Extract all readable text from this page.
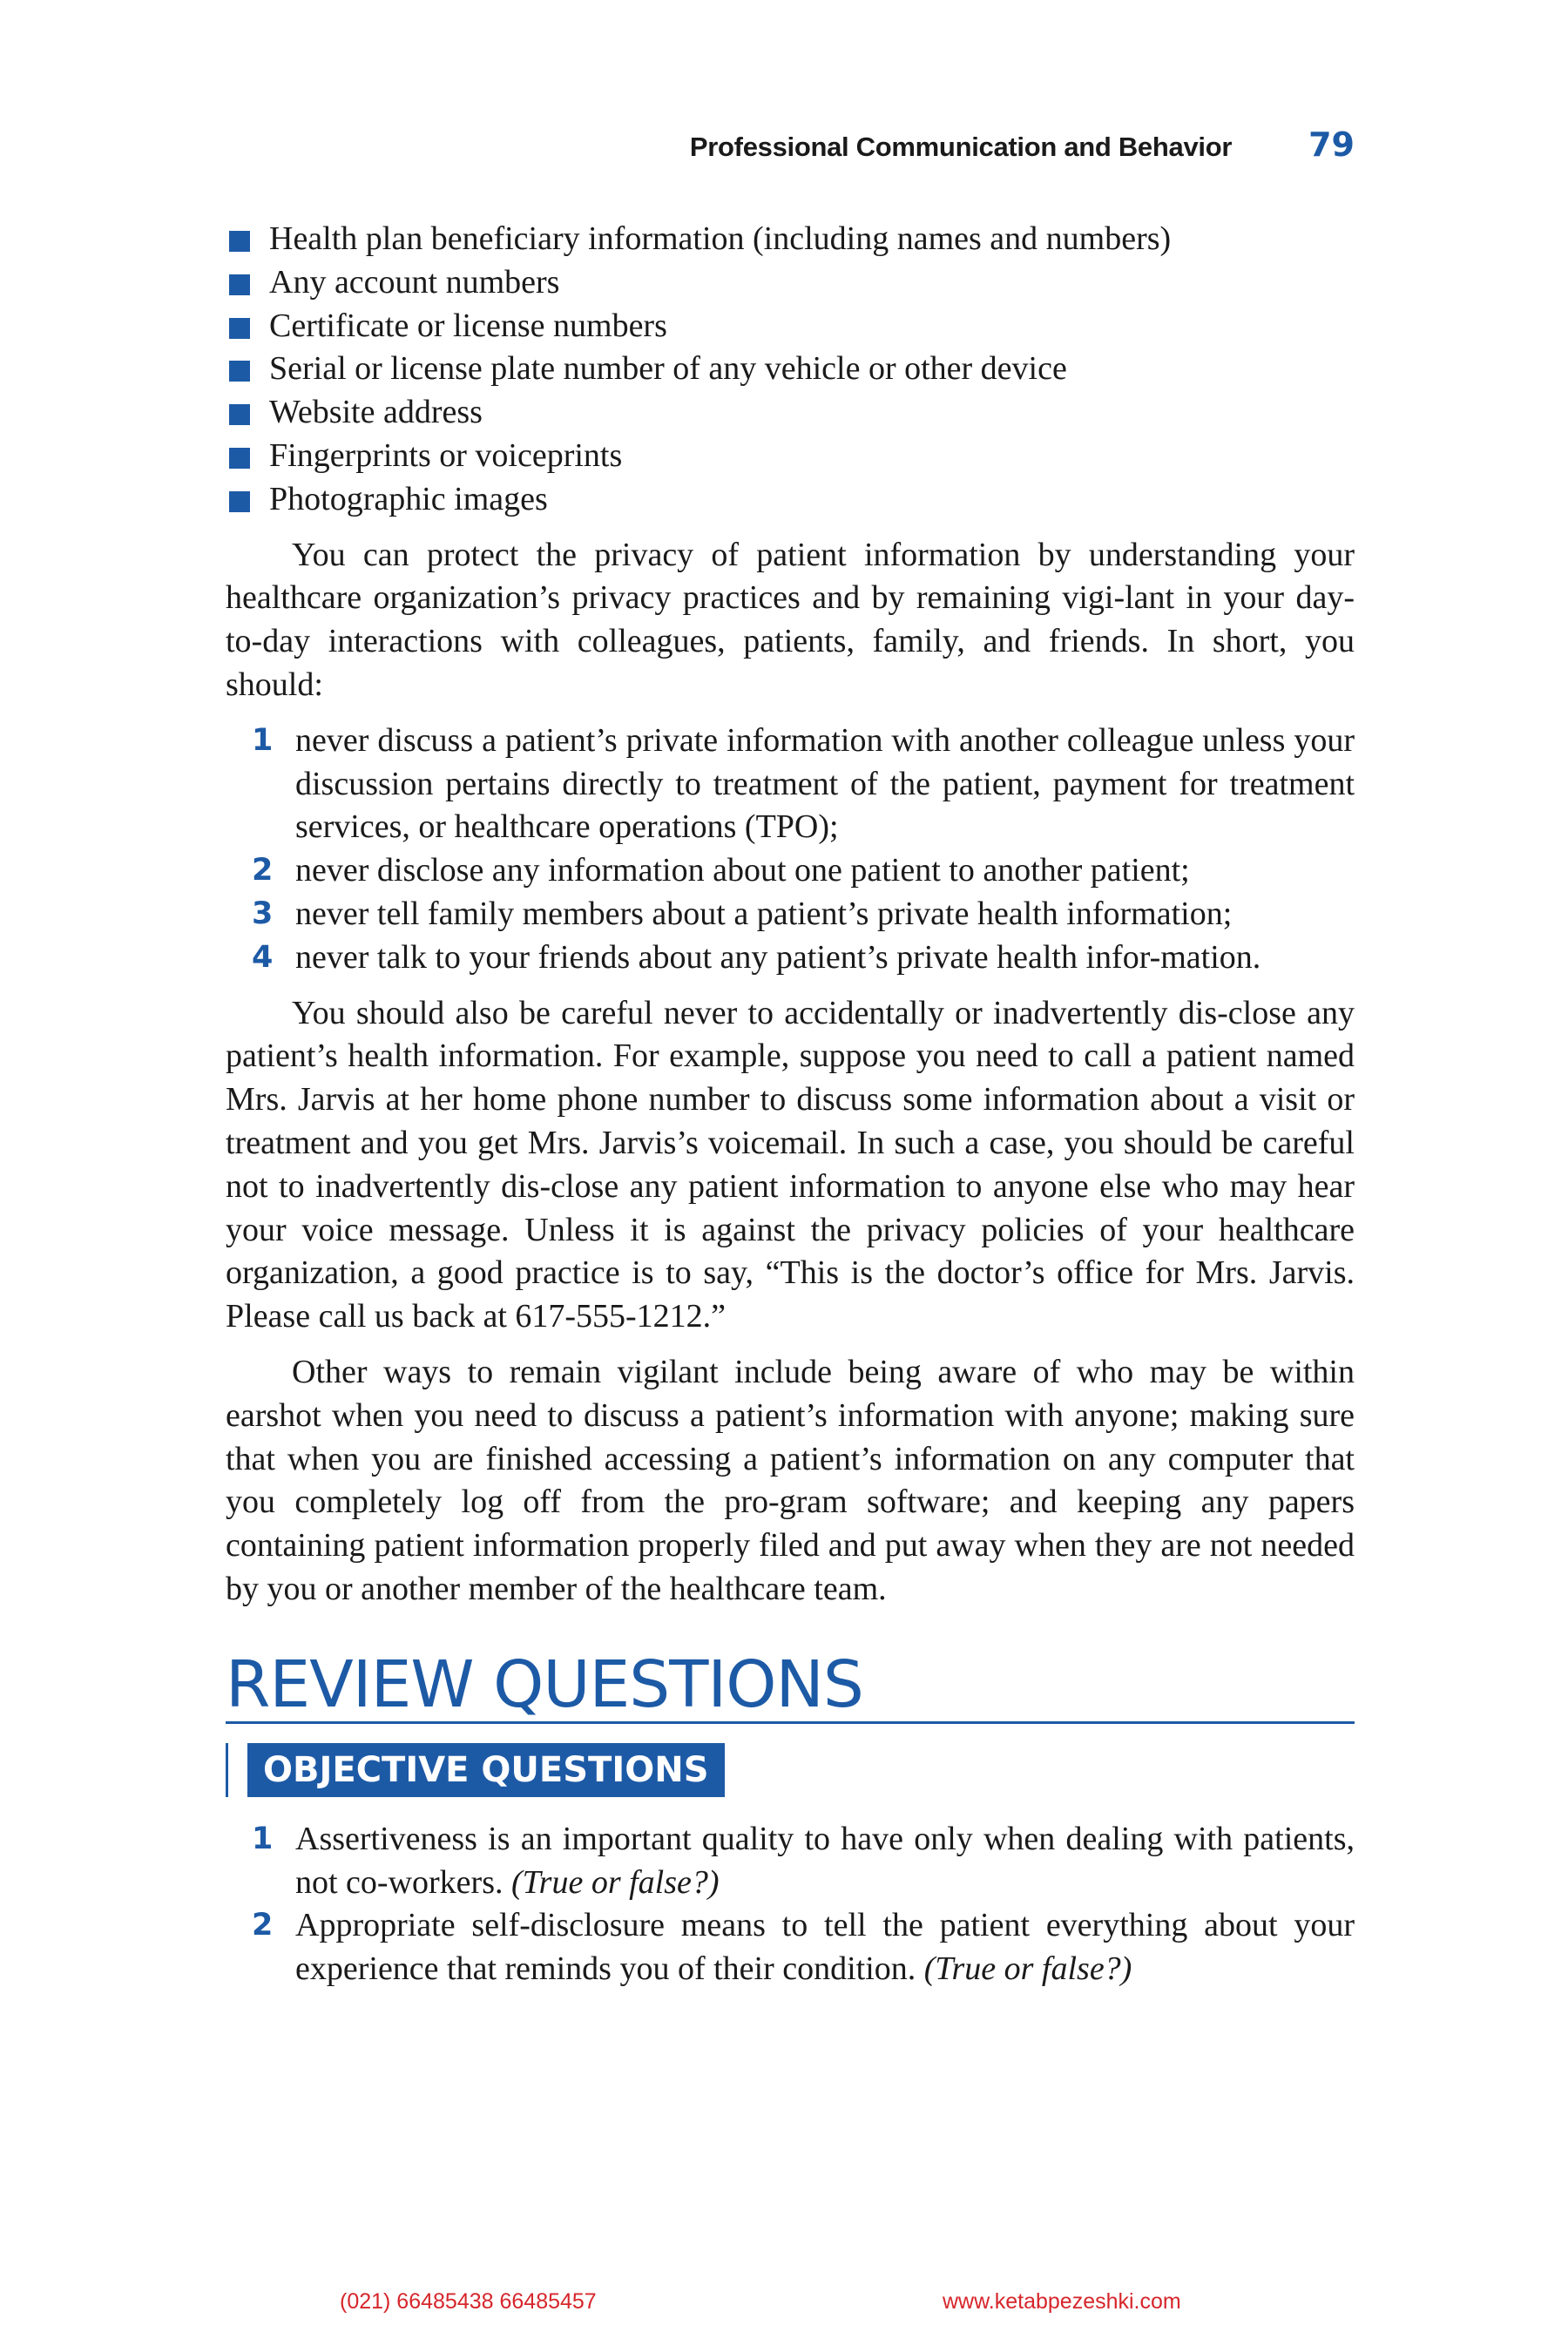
Professional Communication and Behavior 79
Health plan beneficiary information (including names and numbers)
Any account numbers
Certificate or license numbers
Serial or license plate number of any vehicle or other device
Website address
Fingerprints or voiceprints
Photographic images

You can protect the privacy of patient information by understanding your healthcare organization’s privacy practices and by remaining vigi-lant in your day-to-day interactions with colleagues, patients, family, and friends. In short, you should:

1 never discuss a patient’s private information with another colleague unless your discussion pertains directly to treatment of the patient, payment for treatment services, or healthcare operations (TPO);
2 never disclose any information about one patient to another patient;
3 never tell family members about a patient’s private health information;
4 never talk to your friends about any patient’s private health infor-mation.

You should also be careful never to accidentally or inadvertently dis-close any patient’s health information. For example, suppose you need to call a patient named Mrs. Jarvis at her home phone number to discuss some information about a visit or treatment and you get Mrs. Jarvis’s voicemail. In such a case, you should be careful not to inadvertently dis-close any patient information to anyone else who may hear your voice message. Unless it is against the privacy policies of your healthcare organization, a good practice is to say, “This is the doctor’s office for Mrs. Jarvis. Please call us back at 617-555-1212.”

Other ways to remain vigilant include being aware of who may be within earshot when you need to discuss a patient’s information with anyone; making sure that when you are finished accessing a patient’s information on any computer that you completely log off from the pro-gram software; and keeping any papers containing patient information properly filed and put away when they are not needed by you or another member of the healthcare team.

REVIEW QUESTIONS
OBJECTIVE QUESTIONS
1 Assertiveness is an important quality to have only when dealing with patients, not co-workers. (True or false?)
2 Appropriate self-disclosure means to tell the patient everything about your experience that reminds you of their condition. (True or false?)
(021) 66485438 66485457	www.ketabpezeshki.com
